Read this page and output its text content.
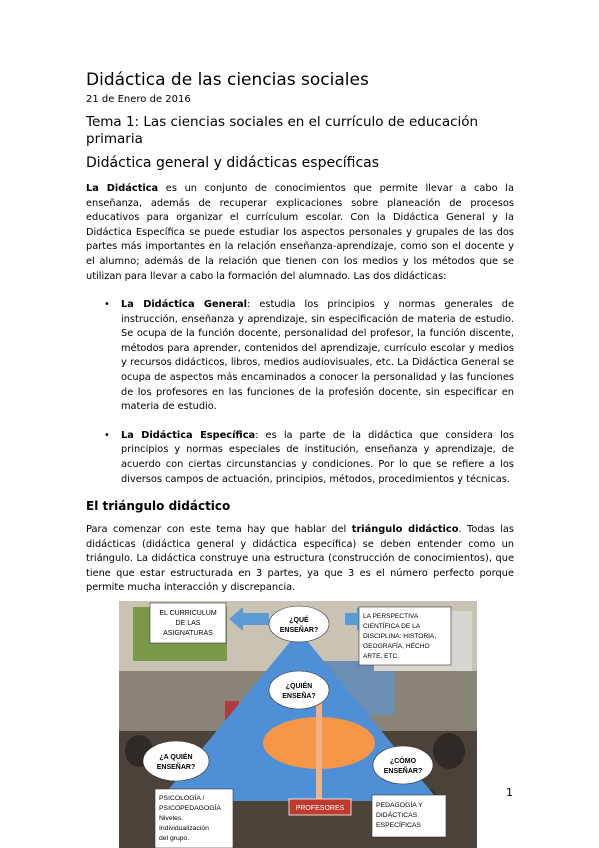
Didáctica de las ciencias sociales
21 de Enero de 2016
Tema 1: Las ciencias sociales en el currículo de educación primaria
Didáctica general y didácticas específicas

La Didáctica es un conjunto de conocimientos que permite llevar a cabo la enseñanza, además de recuperar explicaciones sobre planeación de procesos educativos para organizar el currículum escolar. Con la Didáctica General y la Didáctica Específica se puede estudiar los aspectos personales y grupales de las dos partes más importantes en la relación enseñanza-aprendizaje, como son el docente y el alumno; además de la relación que tienen con los medios y los métodos que se utilizan para llevar a cabo la formación del alumnado. Las dos didácticas:

• La Didáctica General: estudia los principios y normas generales de instrucción, enseñanza y aprendizaje, sin especificación de materia de estudio. Se ocupa de la función docente, personalidad del profesor, la función discente, métodos para aprender, contenidos del aprendizaje, currículo escolar y medios y recursos didácticos, libros, medios audiovisuales, etc. La Didáctica General se ocupa de aspectos más encaminados a conocer la personalidad y las funciones de los profesores en las funciones de la profesión docente, sin especificar en materia de estudio.
• La Didáctica Específica: es la parte de la didáctica que considera los principios y normas especiales de institución, enseñanza y aprendizaje, de acuerdo con ciertas circunstancias y condiciones. Por lo que se refiere a los diversos campos de actuación, principios, métodos, procedimientos y técnicas.
El triángulo didáctico

Para comenzar con este tema hay que hablar del triángulo didáctico. Todas las didácticas (didáctica general y didáctica específica) se deben entender como un triángulo. La didáctica construye una estructura (construcción de conocimientos), que tiene que estar estructurada en 3 partes, ya que 3 es el número perfecto porque permite mucha interacción y discrepancia.

EL CURRICULUM
DE LAS
ASIGNATURAS
¿QUÉ
ENSEÑAR?
LA PERSPECTIVA
CIENTÍFICA DE LA
DISCIPLINA: HISTORIA,
GEOGRAFÍA, HÉCHO
ARTE, ETC.
¿QUIÉN
ENSEÑA?
¿A QUIÉN
ENSEÑAR?
¿CÓMO
ENSEÑAR?
PSICOLOGÍA /
PSICOPEDAGOGÍA
Niveles.
Individualización
del grupo.
PROFESORES	PEDAGOGÍA Y
DIDÁCTICAS
ESPECÍFICAS
1
